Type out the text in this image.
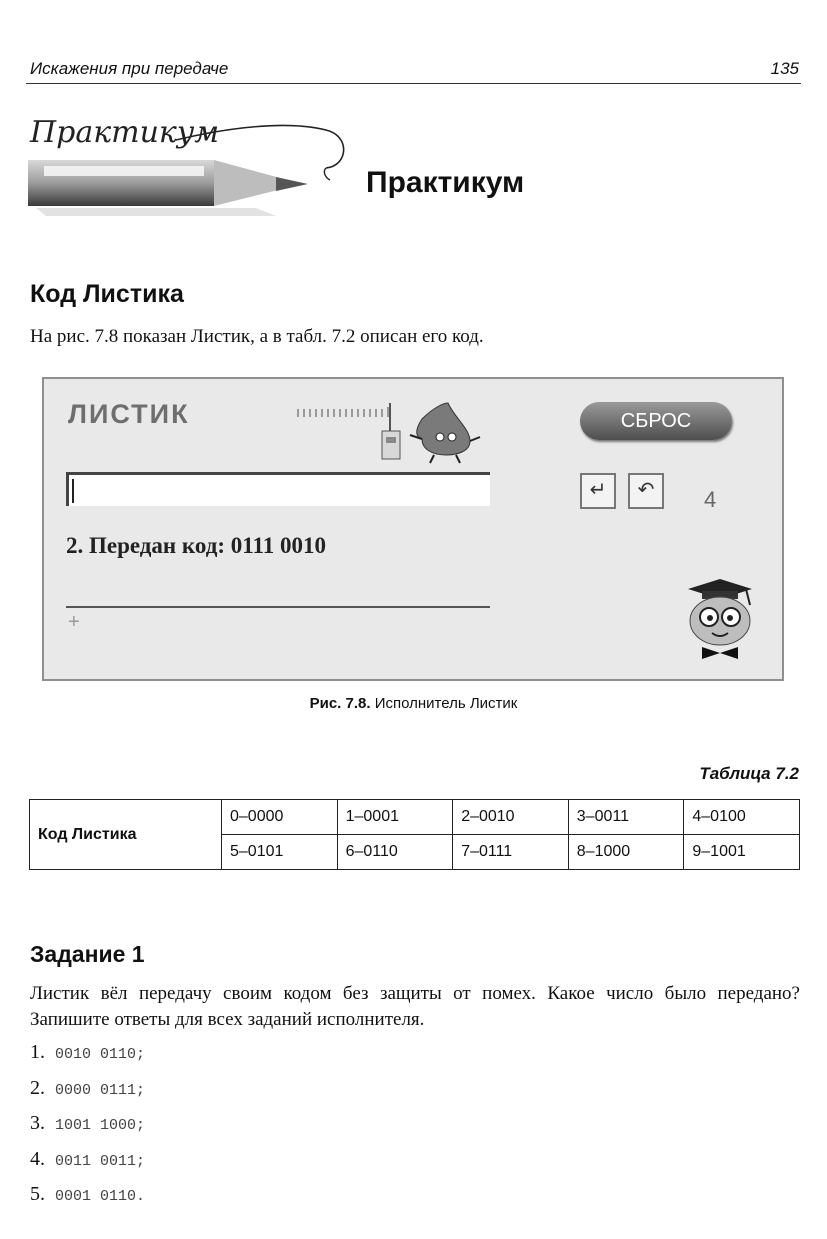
Искажения при передаче	135
Практикум
Практикум
Код Листика
На рис. 7.8 показан Листик, а в табл. 7.2 описан его код.
ЛИСТИК	СБРОС
↵	↶	4
2. Передан код: 0111 0010
+
Рис. 7.8. Исполнитель Листик
Таблица 7.2
Код Листика	0–0000	1–0001	2–0010	3–0011	4–0100
	5–0101	6–0110	7–0111	8–1000	9–1001
Задание 1
Листик вёл передачу своим кодом без защиты от помех. Какое число было передано? Запишите ответы для всех заданий исполнителя.
1. 0010 0110;
2. 0000 0111;
3. 1001 1000;
4. 0011 0011;
5. 0001 0110.
